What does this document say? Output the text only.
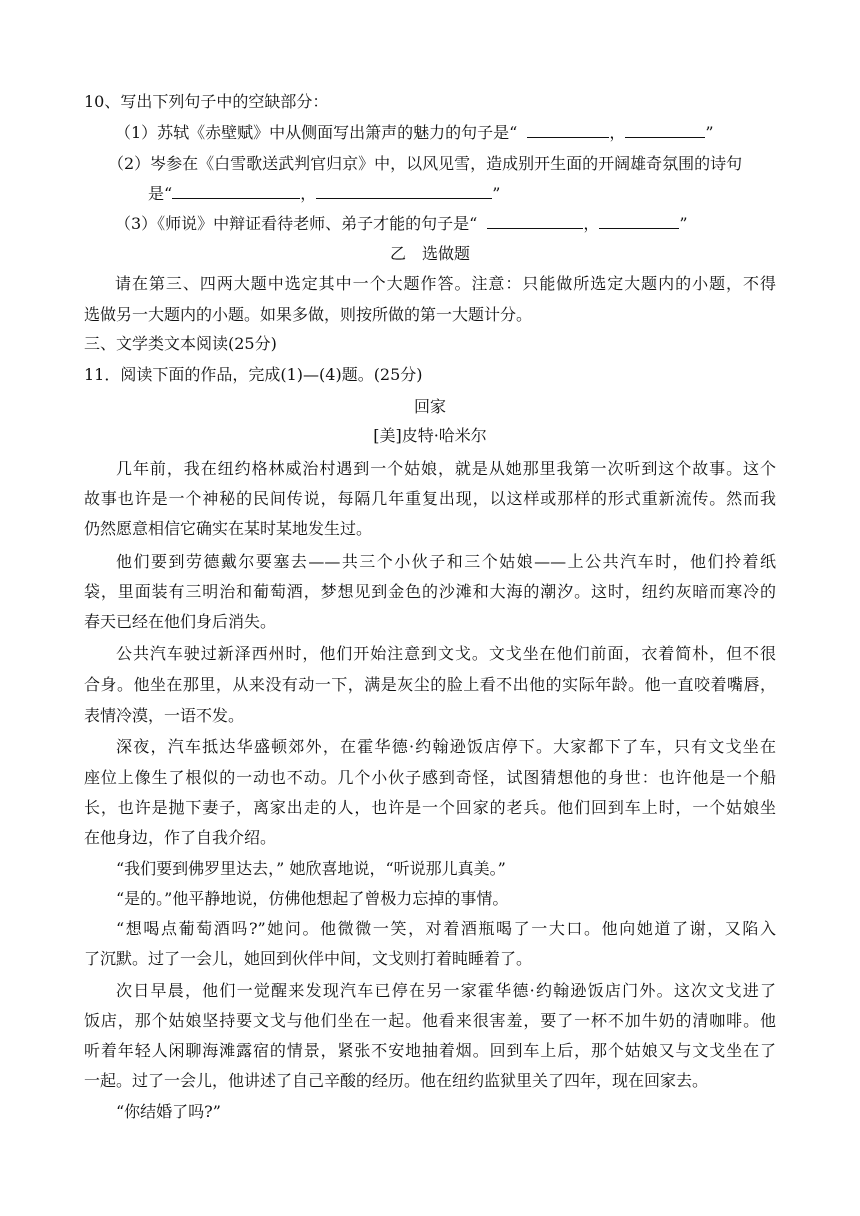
10、写出下列句子中的空缺部分：
（1）苏轼《赤壁赋》中从侧面写出箫声的魅力的句子是“	，	”
（2）岑参在《白雪歌送武判官归京》中，以风见雪，造成别开生面的开阔雄奇氛围的诗句
是“	，	”
（3）《师说》中辩证看待老师、弟子才能的句子是“	，	”
乙　选做题
请在第三、四两大题中选定其中一个大题作答。注意：只能做所选定大题内的小题，不得
选做另一大题内的小题。如果多做，则按所做的第一大题计分。
三、文学类文本阅读(25分)
11．阅读下面的作品，完成(1)—(4)题。(25分)
回家
[美]皮特·哈米尔
几年前，我在纽约格林威治村遇到一个姑娘，就是从她那里我第一次听到这个故事。这个
故事也许是一个神秘的民间传说，每隔几年重复出现，以这样或那样的形式重新流传。然而我
仍然愿意相信它确实在某时某地发生过。
他们要到劳德戴尔要塞去——共三个小伙子和三个姑娘——上公共汽车时，他们拎着纸
袋，里面装有三明治和葡萄酒，梦想见到金色的沙滩和大海的潮汐。这时，纽约灰暗而寒冷的
春天已经在他们身后消失。
公共汽车驶过新泽西州时，他们开始注意到文戈。文戈坐在他们前面，衣着简朴，但不很
合身。他坐在那里，从来没有动一下，满是灰尘的脸上看不出他的实际年龄。他一直咬着嘴唇，
表情冷漠，一语不发。
深夜，汽车抵达华盛顿郊外，在霍华德·约翰逊饭店停下。大家都下了车，只有文戈坐在
座位上像生了根似的一动也不动。几个小伙子感到奇怪，试图猜想他的身世：也许他是一个船
长，也许是抛下妻子，离家出走的人，也许是一个回家的老兵。他们回到车上时，一个姑娘坐
在他身边，作了自我介绍。
“我们要到佛罗里达去，” 她欣喜地说，“听说那儿真美。”
“是的。”他平静地说，仿佛他想起了曾极力忘掉的事情。
“想喝点葡萄酒吗?”她问。他微微一笑，对着酒瓶喝了一大口。他向她道了谢，又陷入
了沉默。过了一会儿，她回到伙伴中间，文戈则打着盹睡着了。
次日早晨，他们一觉醒来发现汽车已停在另一家霍华德·约翰逊饭店门外。这次文戈进了
饭店，那个姑娘坚持要文戈与他们坐在一起。他看来很害羞，要了一杯不加牛奶的清咖啡。他
听着年轻人闲聊海滩露宿的情景，紧张不安地抽着烟。回到车上后，那个姑娘又与文戈坐在了
一起。过了一会儿，他讲述了自己辛酸的经历。他在纽约监狱里关了四年，现在回家去。
“你结婚了吗?”
